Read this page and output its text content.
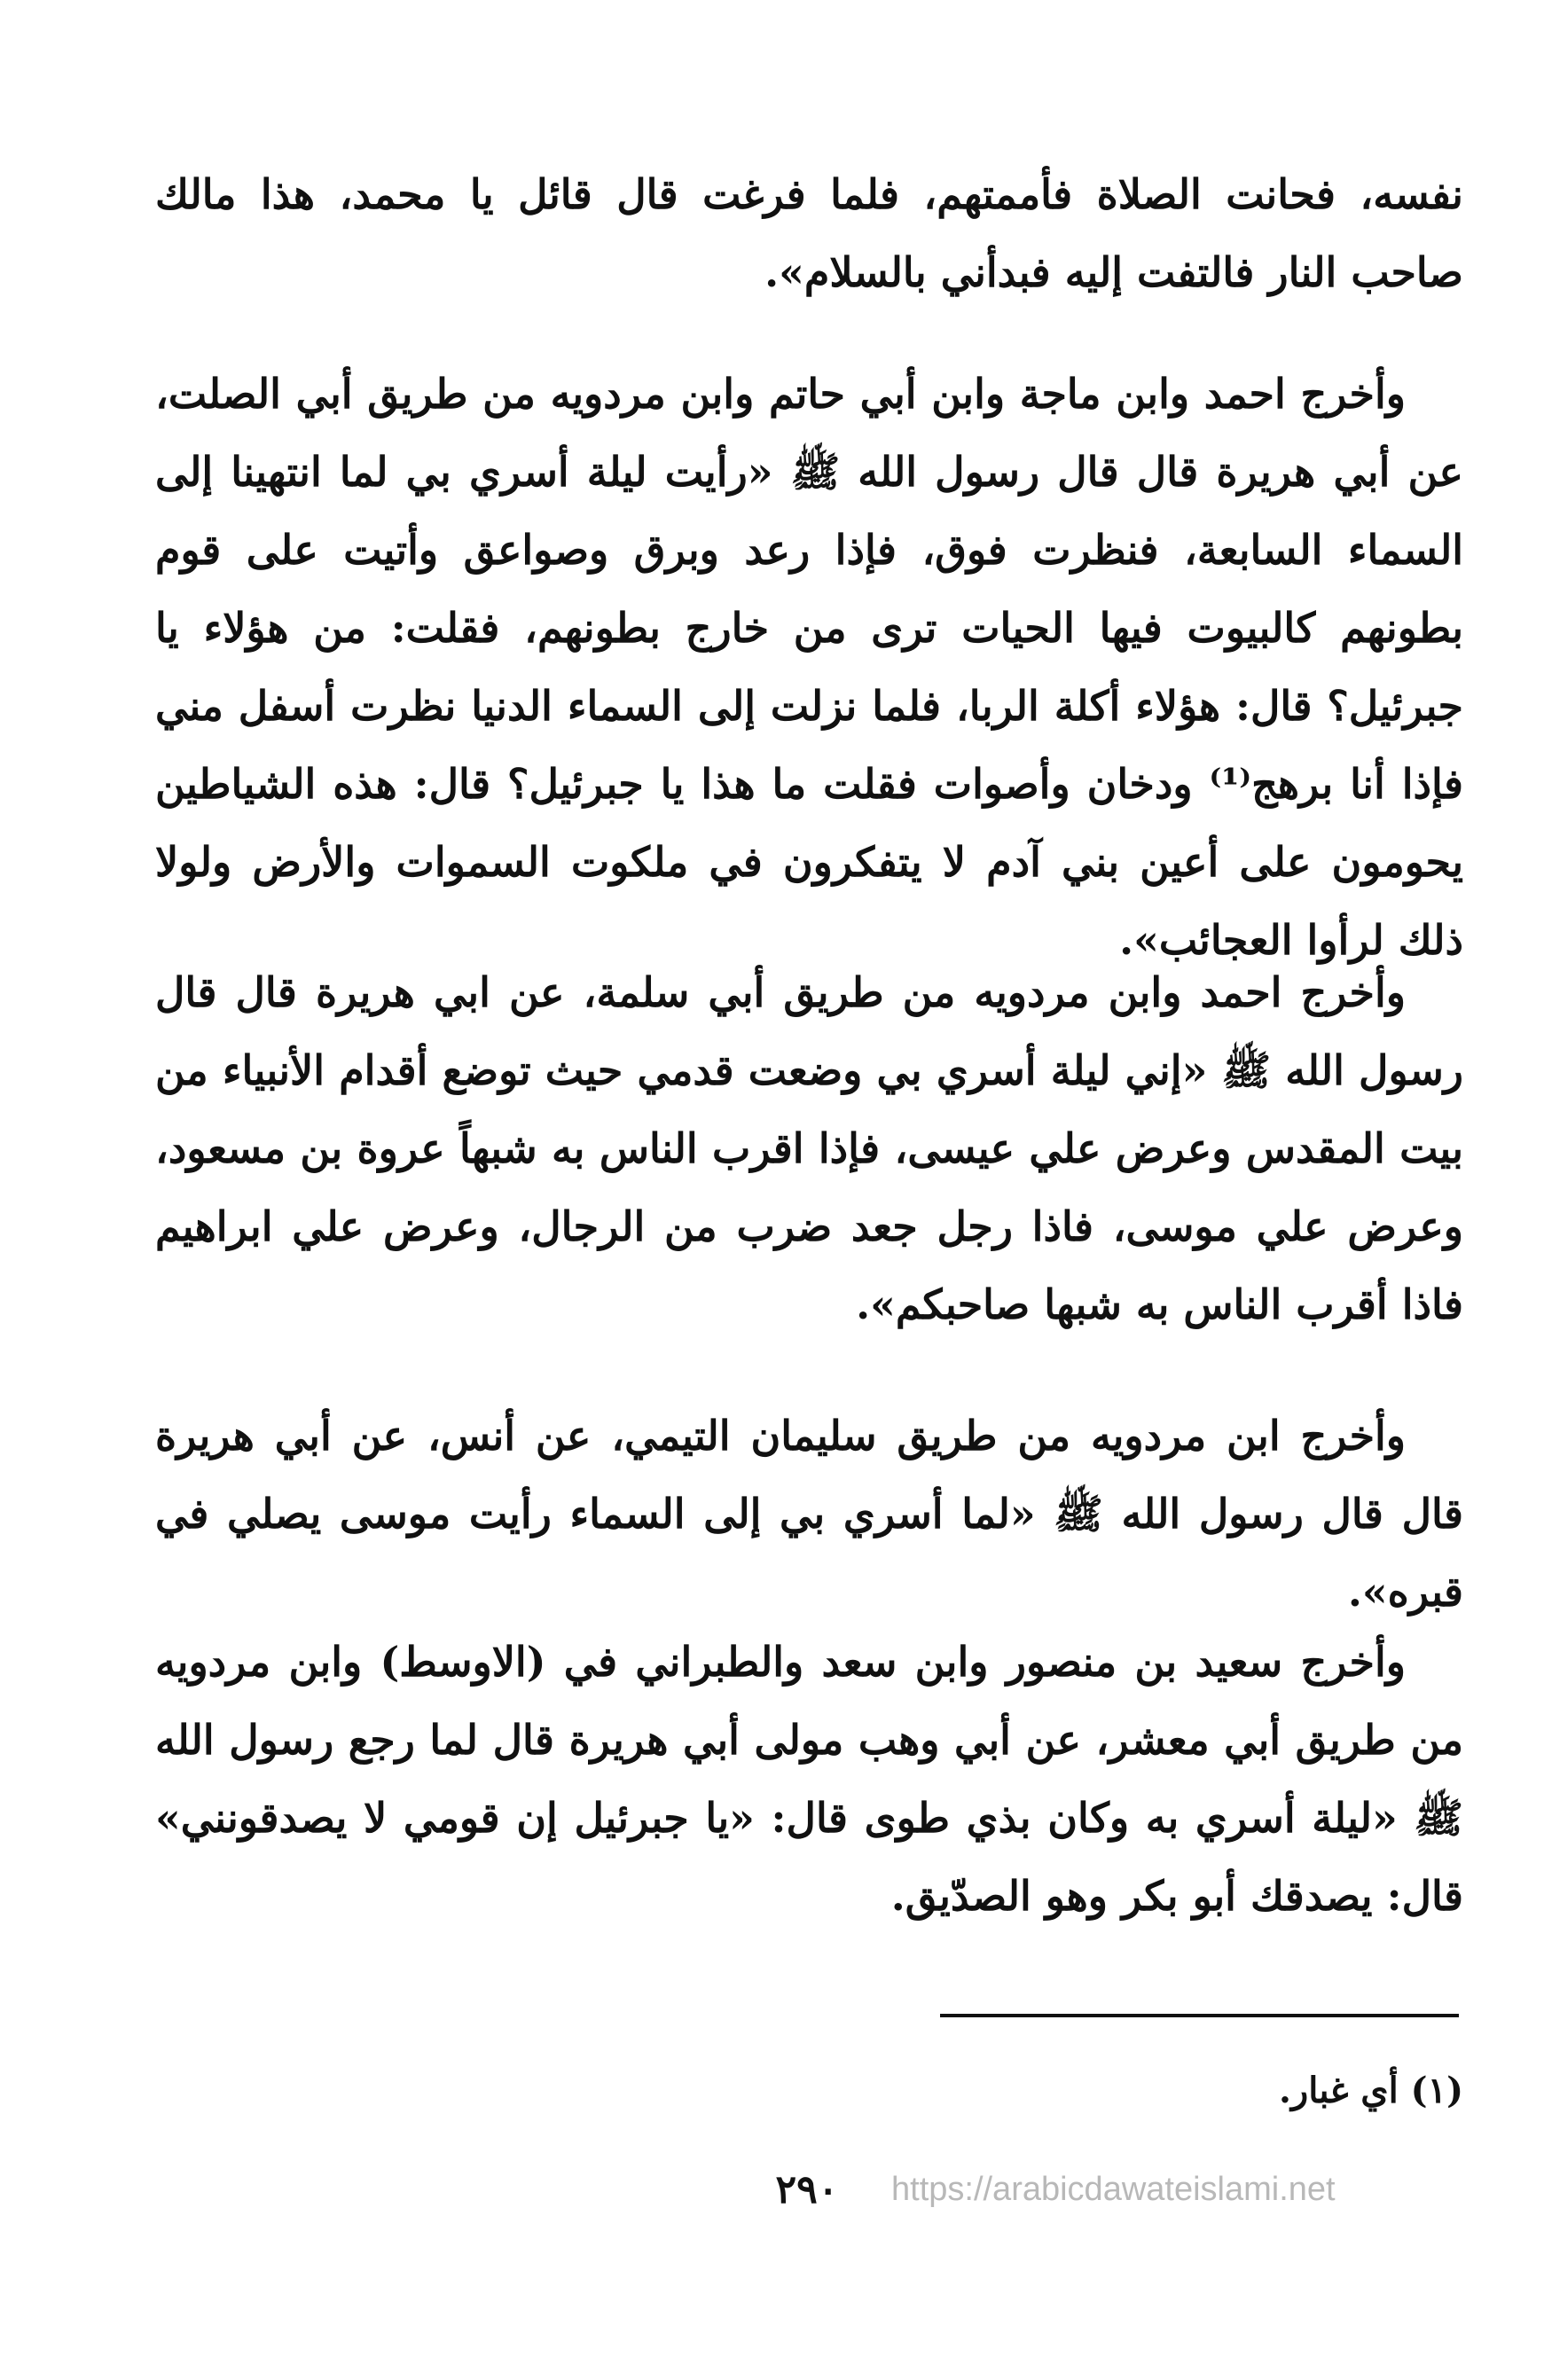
نفسه، فحانت الصلاة فأممتهم، فلما فرغت قال قائل يا محمد، هذا مالك صاحب النار فالتفت إليه فبدأني بالسلام».

وأخرج احمد وابن ماجة وابن أبي حاتم وابن مردويه من طريق أبي الصلت، عن أبي هريرة قال قال رسول الله ﷺ «رأيت ليلة أسري بي لما انتهينا إلى السماء السابعة، فنظرت فوق، فإذا رعد وبرق وصواعق وأتيت على قوم بطونهم كالبيوت فيها الحيات ترى من خارج بطونهم، فقلت: من هؤلاء يا جبرئيل؟ قال: هؤلاء أكلة الربا، فلما نزلت إلى السماء الدنيا نظرت أسفل مني فإذا أنا برهج⁽¹⁾ ودخان وأصوات فقلت ما هذا يا جبرئيل؟ قال: هذه الشياطين يحومون على أعين بني آدم لا يتفكرون في ملكوت السموات والأرض ولولا ذلك لرأوا العجائب».

وأخرج احمد وابن مردويه من طريق أبي سلمة، عن ابي هريرة قال قال رسول الله ﷺ «إني ليلة أسري بي وضعت قدمي حيث توضع أقدام الأنبياء من بيت المقدس وعرض علي عيسى، فإذا اقرب الناس به شبهاً عروة بن مسعود، وعرض علي موسى، فاذا رجل جعد ضرب من الرجال، وعرض علي ابراهيم فاذا أقرب الناس به شبها صاحبكم».

وأخرج ابن مردويه من طريق سليمان التيمي، عن أنس، عن أبي هريرة قال قال رسول الله ﷺ «لما أسري بي إلى السماء رأيت موسى يصلي في قبره».

وأخرج سعيد بن منصور وابن سعد والطبراني في (الاوسط) وابن مردويه من طريق أبي معشر، عن أبي وهب مولى أبي هريرة قال لما رجع رسول الله ﷺ «ليلة أسري به وكان بذي طوى قال: «يا جبرئيل إن قومي لا يصدقونني» قال: يصدقك أبو بكر وهو الصدّيق.

(١) أي غبار.
٢٩٠	https://arabicdawateislami.net
